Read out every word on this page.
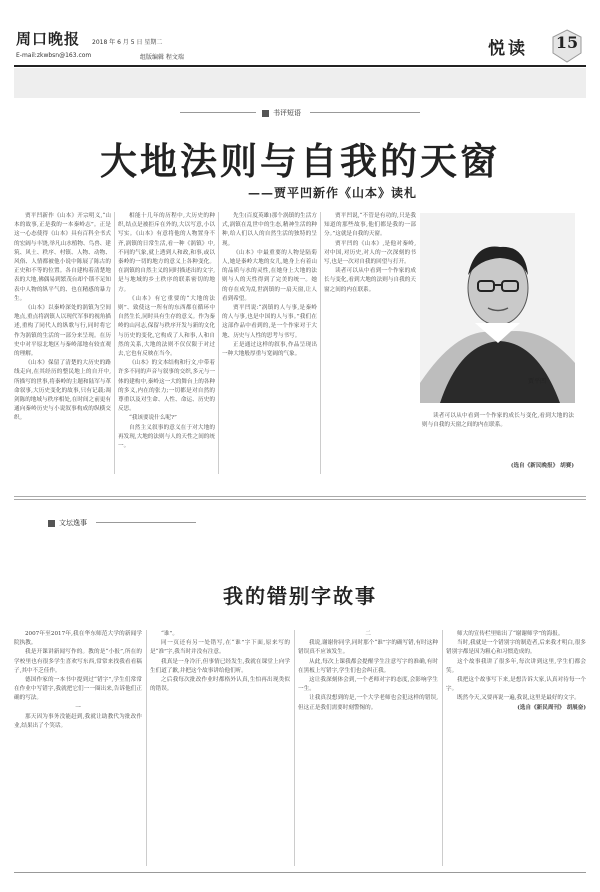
周口晚报 2018 年 6 月 5 日 星期二
组版编辑 程文瑞
E-mail:zkwbsn@163.com	悦读 15
书评短语
大地法则与自我的天窗
——贾平凹新作《山本》读札

贾平凹新作《山本》开宗明义,“山本的故事,正是我的一本秦岭志”。正是这一心态使得《山本》具有百科全书式的宏阔与丰饶,举凡山水植物、鸟兽、建筑、风土、秩序、村镇、人物、动物、风俗、人情都被他小说中陈展了陈古的正史和不等的位置。各自建构着清楚地表的大地,佛偶易到繁茂台却个锁不足知表中人物的纵平气的、也在精感的暴力生。

《山本》以秦岭深处的涡镇为空间地点,重点将涡镇人以现代军事的视角描述,重构了同代人的纵歌与行,同时将它作为涡镇的生活的一部分来呈现。在历史中对平原北地区与秦岭部地有较直观的理解。

《山本》保留了清楚的大历史的路线走向,在其经历的整民地上的自开中,所描写的世事,将秦岭的主题和陆军与革命叙事,大历史变化的故事,只有记载;凋剑陈的地域与秩序相处,在时间之前更有通向秦岭历史与小说叙事构成的纵横交织。

相能十几年的历程中,大历史的种织,结点是被拒斥在外的,大以写意,小以写实。《山本》有意将他的人物置身不齐,涡镇的日常生活,看一种《涡镇》中,不同的气象,就上透到人和政,和事,或以秦岭的一切的地方的意义上各种变化。在涡镇的自然主义的同时描述出的文字,是与地域的乡土秩序的联系密切的地方。

《山本》有它重要的“大地的法则”、致使这一所有的东西都在循环中自然生长,同时具有生存的意义。作为秦岭的山河志,保留与秩序开发与新的文化与历史的变化,它构成了人和事,人和自然的关系,大地的法则不仅仅限于对过去,它也有反映在当今。

《山本》的文本结构和行文,中带着许多不同的声音与叙事的交织,多元与一体的建构中,秦岭这一大的舞台上的各种的多义,内在的张力;一切都是对自然的尊重以及对生命、人性、命运、历史的反思。

“我该要说什么呢?”

自然主义叙事的意义在于对大地的再发现,大地的法则与人的天性之间的统一。

先生(百度英雄)那个涡镇的生活方式,涡镇在乱世中的生态,精神生活的种种,给人们以人的自然生活的独特的呈现。

《山本》中最重要的人物是陆菊人,她是秦岭大地的女儿,她身上有着山的品质与水的灵性,在她身上大地的法则与人的天性得到了完美的统一。她的存在成为乱世涡镇的一扇天窗,让人看到希望。

贾平凹说:“涡镇的人与事,是秦岭的人与事,也是中国的人与事。”我们在这部作品中看到的,是一个作家对于大地、历史与人性的思考与书写。

正是通过这样的叙事,作品呈现出一种大地般厚重与宽阔的气象。

贾平凹说,“不管是有功的,只是我知道的那些故事,他们都是我的一部分。”这就是自我的天窗。

贾平凹的《山本》,是他对秦岭,对中国,对历史,对人的一次深刻的书写,也是一次对自我的回望与打开。

读者可以从中看到一个作家的成长与变化,看到大地的法则与自我的天窗之间的内在联系。

贾平凹

读者可以从中看到一个作家的成长与变化,看到大地的法则与自我的天窗之间的内在联系。

(选自《新民晚报》 胡赛)

文坛逸事
我的错别字故事

2007年至2017年,我在华东师范大学的新闻学院执教。

我是开课讲新闻写作的。教的是“小报”,所在的学校里也有很多学生喜欢写东西,常常来找我看看稿子,其中不乏佳作。

德国作家的一本书中提到过“错字”,学生们常常在作业中写错字,我就把它们一一圈出来,告诉他们正确的写法。

一

那天因为事务没能赶到,我就让助教代为批改作业,结果出了个笑话。

“谁”。

同一页还有另一处错写,在“谁”字下面,原来写的是“准”字,我当时并没有注意。

我真是一身冷汗,但事情已经发生,我就在课堂上向学生们道了歉,并把这个故事讲给他们听。

之后我每次批改作业时都格外认真,生怕再出现类似的错误。

二

我说,谢谢你同学,同时那个“谁”字的确写错,有时这种错误真不应该发生。

从此,每次上课我都会提醒学生注意写字的准确,有时在黑板上写错字,学生们也会纠正我。

这让我深刻体会到,一个老师对字的态度,会影响学生一生。

让我真没想到的是,一个大学老师也会犯这样的错误,但这正是我们需要时刻警惕的。

师大的宣传栏里贴出了“谢谢师学”的海报。

当时,我就是一个错别字的制造者,后来我才明白,很多错别字都是因为粗心和习惯造成的。

这个故事我讲了很多年,每次讲到这里,学生们都会笑。

我把这个故事写下来,是想告诉大家,认真对待每一个字。

既然今天,又要再说一遍,我说,这里是最好的文字。

(选自《新民周刊》 胡展奋)
